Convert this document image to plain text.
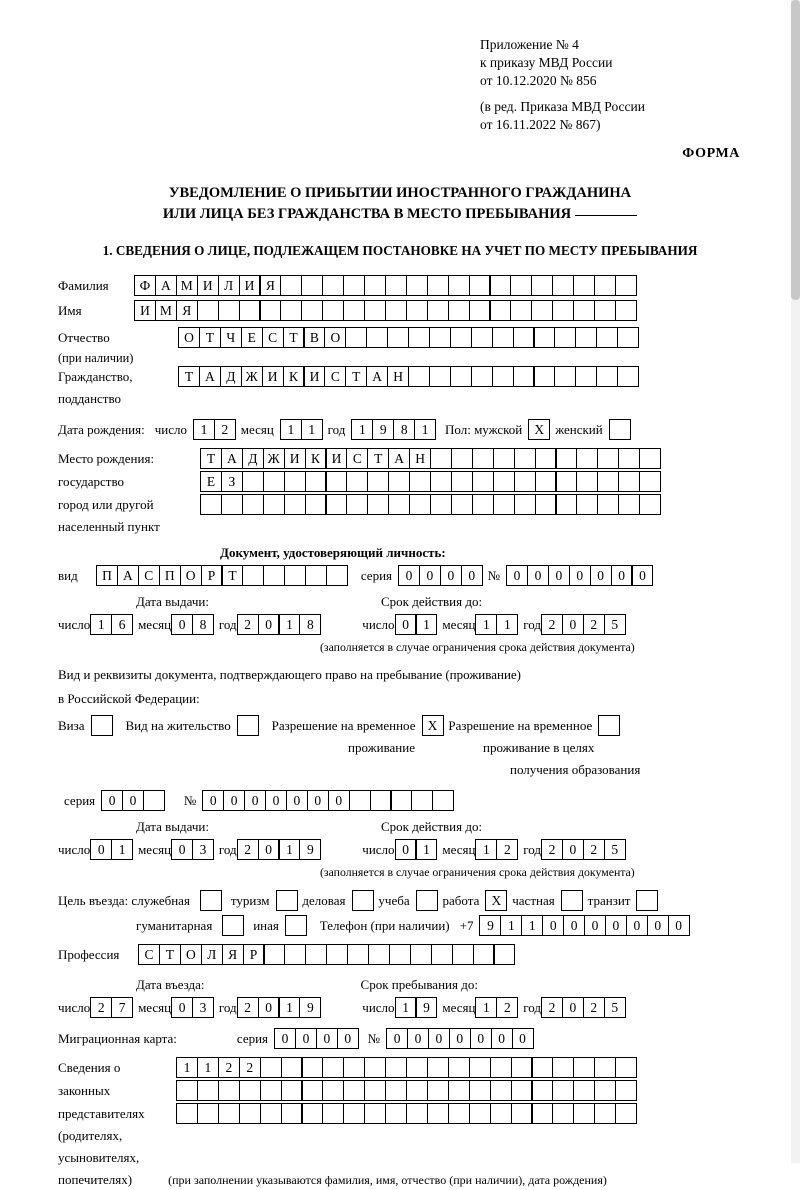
Приложение № 4
к приказу МВД России
от 10.12.2020 № 856
(в ред. Приказа МВД России
от 16.11.2022 № 867)
ФОРМА
УВЕДОМЛЕНИЕ О ПРИБЫТИИ ИНОСТРАННОГО ГРАЖДАНИНА
ИЛИ ЛИЦА БЕЗ ГРАЖДАНСТВА В МЕСТО ПРЕБЫВАНИЯ
1. СВЕДЕНИЯ О ЛИЦЕ, ПОДЛЕЖАЩЕМ ПОСТАНОВКЕ НА УЧЕТ ПО МЕСТУ ПРЕБЫВАНИЯ
Фамилия	Ф А М И Л И Я
Имя	И М Я
Отчество	О Т Ч Е С Т В О
(при наличии)
Гражданство,	Т А Д Ж И К И С Т А Н
подданство
Дата рождения: число	1	2 месяц	1	1 год	1	9	8	1	Пол: мужской X женский
Место рождения:	Т А Д Ж И К И С Т А Н
государство	Е З
город или другой
населенный пункт
Документ, удостоверяющий личность:
вид	П А С П О Р Т	серия	0	0	0	0 №	0	0	0	0	0	0	0
Дата выдачи:	Срок действия до:
число 1	6 месяц 0	8 год 2	0	1	8	число 0	1 месяц 1	1 год 2	0	2	5
(заполняется в случае ограничения срока действия документа)
Вид и реквизиты документа, подтверждающего право на пребывание (проживание)
в Российской Федерации:
Виза	Вид на жительство	Разрешение на временное X Разрешение на временное
проживание	проживание в целях
получения образования
серия	0	0	№	0	0	0	0	0	0	0
Дата выдачи:	Срок действия до:
число 0	1 месяц 0	3 год 2	0	1	9	число 0	1 месяц 1	2 год 2	0	2	5
(заполняется в случае ограничения срока действия документа)
Цель въезда: служебная	туризм	деловая	учеба	работа X частная	транзит
гуманитарная	иная	Телефон (при наличии) +7	9	1	1	0	0	0	0	0	0	0
Профессия	С Т О Л Я Р
Дата въезда:	Срок пребывания до:
число 2	7 месяц 0	3 год 2	0	1	9	число 1	9 месяц 1	2 год 2	0	2	5
Миграционная карта:	серия	0	0	0	0	№	0	0	0	0	0	0	0
Сведения о	1	1	2	2
законных
представителях
(родителях,
усыновителях,
попечителях)	(при заполнении указываются фамилия, имя, отчество (при наличии), дата рождения)
